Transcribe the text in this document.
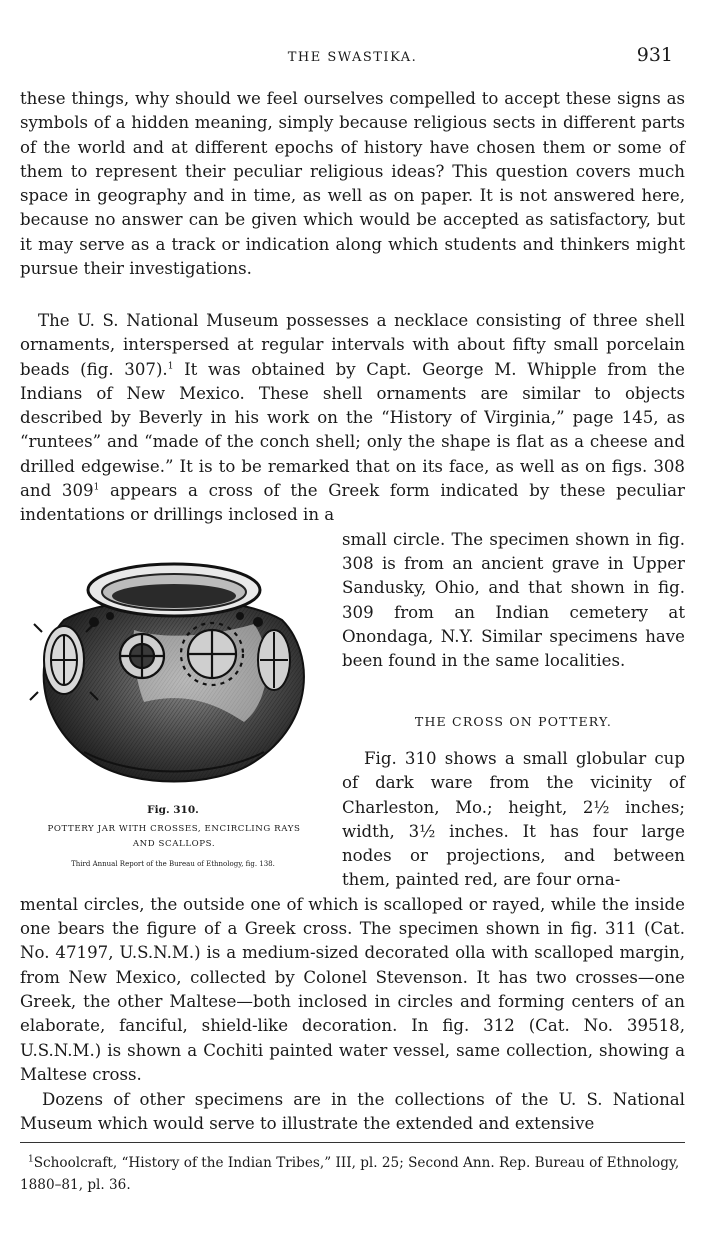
THE SWASTIKA.	931
these things, why should we feel ourselves compelled to accept these signs as symbols of a hidden meaning, simply because religious sects in different parts of the world and at different epochs of history have chosen them or some of them to represent their peculiar religious ideas? This question covers much space in geography and in time, as well as on paper. It is not answered here, because no answer can be given which would be accepted as satisfactory, but it may serve as a track or indication along which students and thinkers might pursue their investigations.
The U. S. National Museum possesses a necklace consisting of three shell ornaments, interspersed at regular intervals with about fifty small porcelain beads (fig. 307).$^1$ It was obtained by Capt. George M. Whipple from the Indians of New Mexico. These shell ornaments are similar to objects described by Beverly in his work on the “History of Virginia,” page 145, as “runtees” and “made of the conch shell; only the shape is flat as a cheese and drilled edgewise.” It is to be remarked that on its face, as well as on figs. 308 and $309^1$ appears a cross of the Greek form indicated by these peculiar indentations or drillings inclosed in a
small circle. The specimen shown in fig. 308 is from an ancient grave in Upper Sandusky, Ohio, and that shown in fig. 309 from an Indian cemetery at Onondaga, N.Y. Similar specimens have been found in the same localities.
Fig. 310.
POTTERY JAR WITH CROSSES, ENCIRCLING RAYS
AND SCALLOPS.
Third Annual Report of the Bureau of Ethnology, fig. 138.
THE CROSS ON POTTERY.
Fig. 310 shows a small globular cup of dark ware from the vicinity of Charleston, Mo.; height, 2½ inches; width, 3½ inches. It has four large nodes or projections, and between them, painted red, are four orna-
mental circles, the outside one of which is scalloped or rayed, while the inside one bears the figure of a Greek cross. The specimen shown in fig. 311 (Cat. No. 47197, U.S.N.M.) is a medium-sized decorated olla with scalloped margin, from New Mexico, collected by Colonel Stevenson. It has two crosses—one Greek, the other Maltese—both inclosed in circles and forming centers of an elaborate, fanciful, shield-like decoration. In fig. 312 (Cat. No. 39518, U.S.N.M.) is shown a Cochiti painted water vessel, same collection, showing a Maltese cross.
Dozens of other specimens are in the collections of the U. S. National Museum which would serve to illustrate the extended and extensive
$^1$Schoolcraft, “History of the Indian Tribes,” III, pl. 25; Second Ann. Rep. Bureau of Ethnology, 1880–81, pl. 36.
